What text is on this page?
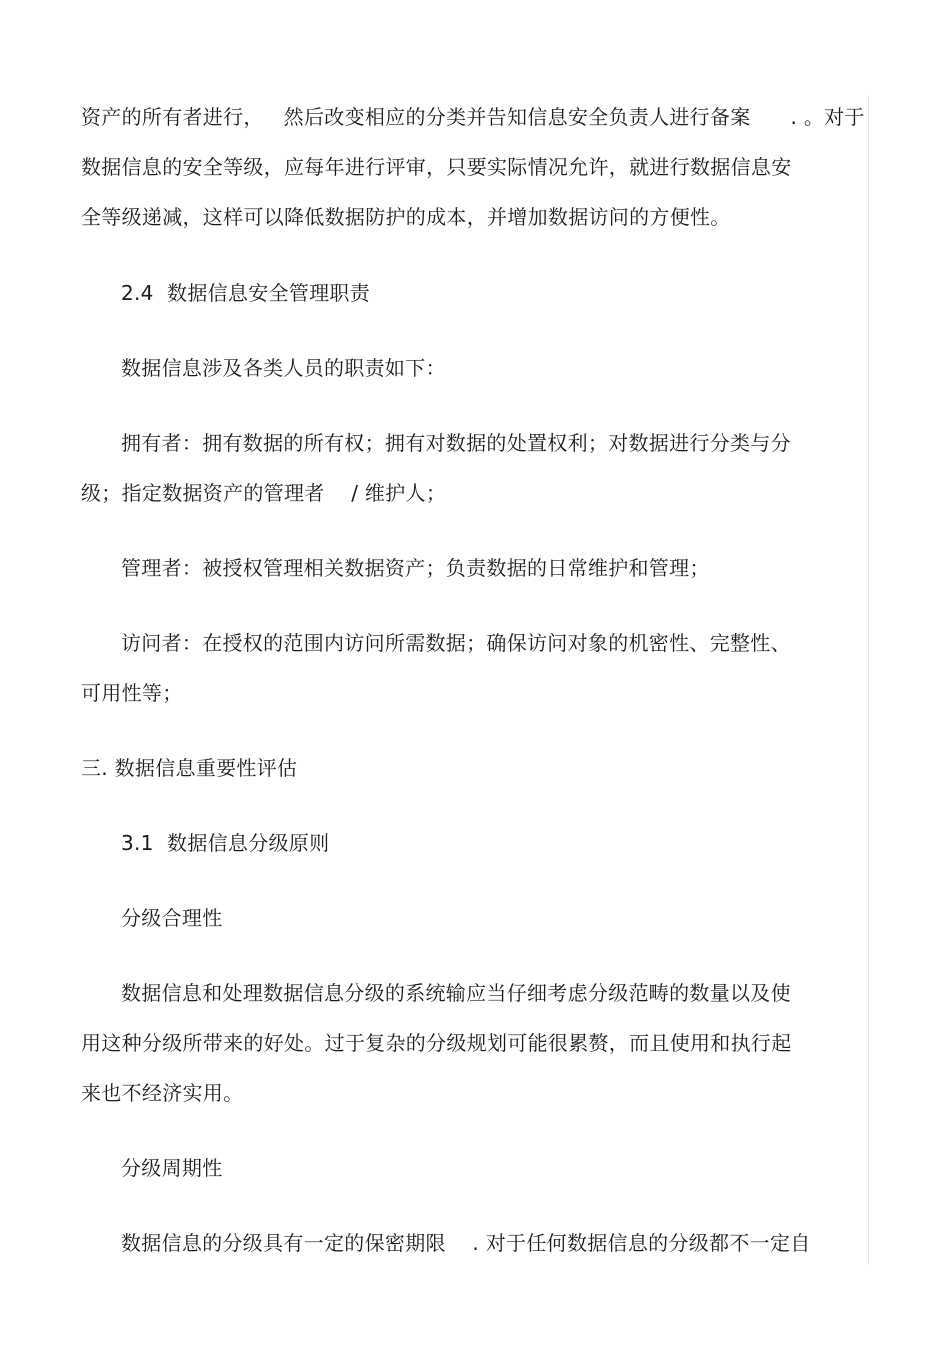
资产的所有者进行，   然后改变相应的分类并告知信息安全负责人进行备案      . 。对于
数据信息的安全等级，应每年进行评审，只要实际情况允许，就进行数据信息安
全等级递减，这样可以降低数据防护的成本，并增加数据访问的方便性。
2.4  数据信息安全管理职责
数据信息涉及各类人员的职责如下：
拥有者：拥有数据的所有权；拥有对数据的处置权利；对数据进行分类与分
级；指定数据资产的管理者    / 维护人；
管理者：被授权管理相关数据资产；负责数据的日常维护和管理；
访问者：在授权的范围内访问所需数据；确保访问对象的机密性、完整性、
可用性等；
三. 数据信息重要性评估
3.1  数据信息分级原则
分级合理性
数据信息和处理数据信息分级的系统输应当仔细考虑分级范畴的数量以及使
用这种分级所带来的好处。过于复杂的分级规划可能很累赘，而且使用和执行起
来也不经济实用。
分级周期性
数据信息的分级具有一定的保密期限    . 对于任何数据信息的分级都不一定自
